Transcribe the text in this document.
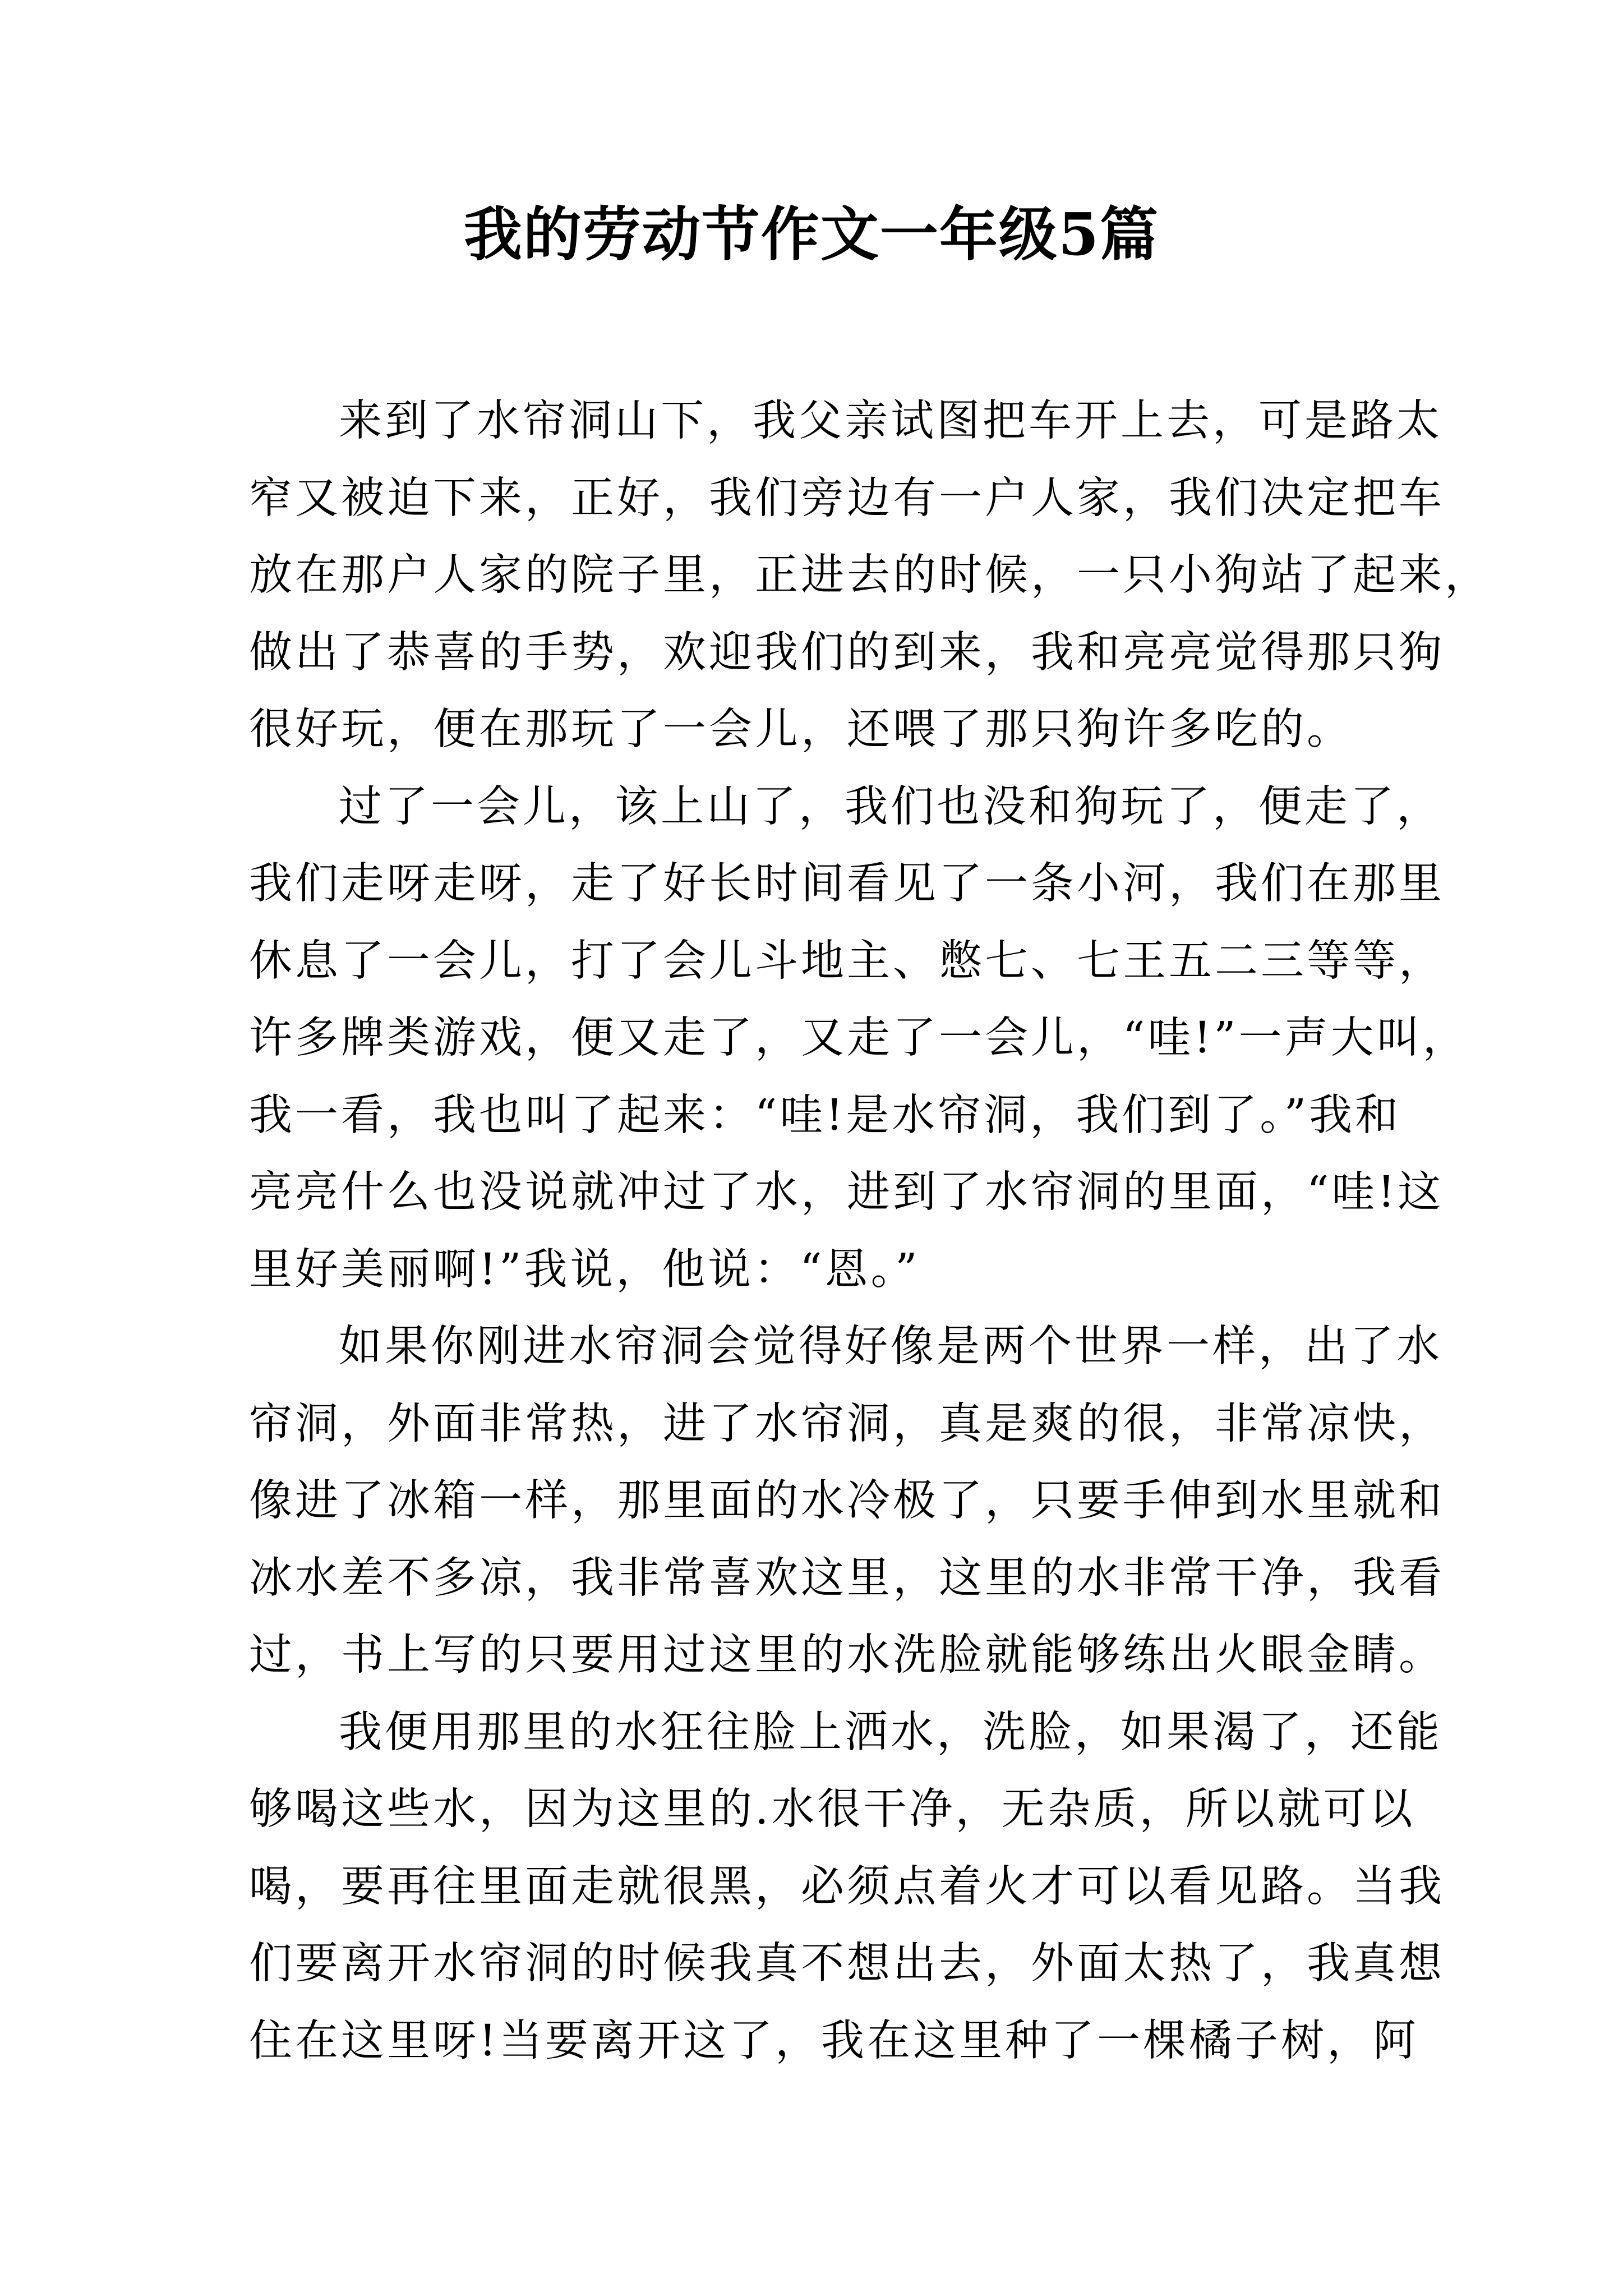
我的劳动节作文一年级5篇
来到了水帘洞山下，我父亲试图把车开上去，可是路太
窄又被迫下来，正好，我们旁边有一户人家，我们决定把车
放在那户人家的院子里，正进去的时候，一只小狗站了起来，
做出了恭喜的手势，欢迎我们的到来，我和亮亮觉得那只狗
很好玩，便在那玩了一会儿，还喂了那只狗许多吃的。
过了一会儿，该上山了，我们也没和狗玩了，便走了，
我们走呀走呀，走了好长时间看见了一条小河，我们在那里
休息了一会儿，打了会儿斗地主、憋七、七王五二三等等，
许多牌类游戏，便又走了，又走了一会儿，“哇!”一声大叫，
我一看，我也叫了起来：“哇!是水帘洞，我们到了。”我和
亮亮什么也没说就冲过了水，进到了水帘洞的里面，“哇!这
里好美丽啊!”我说，他说：“恩。”
如果你刚进水帘洞会觉得好像是两个世界一样，出了水
帘洞，外面非常热，进了水帘洞，真是爽的很，非常凉快，
像进了冰箱一样，那里面的水冷极了，只要手伸到水里就和
冰水差不多凉，我非常喜欢这里，这里的水非常干净，我看
过，书上写的只要用过这里的水洗脸就能够练出火眼金睛。
我便用那里的水狂往脸上洒水，洗脸，如果渴了，还能
够喝这些水，因为这里的.水很干净，无杂质，所以就可以
喝，要再往里面走就很黑，必须点着火才可以看见路。当我
们要离开水帘洞的时候我真不想出去，外面太热了，我真想
住在这里呀!当要离开这了，我在这里种了一棵橘子树，阿
